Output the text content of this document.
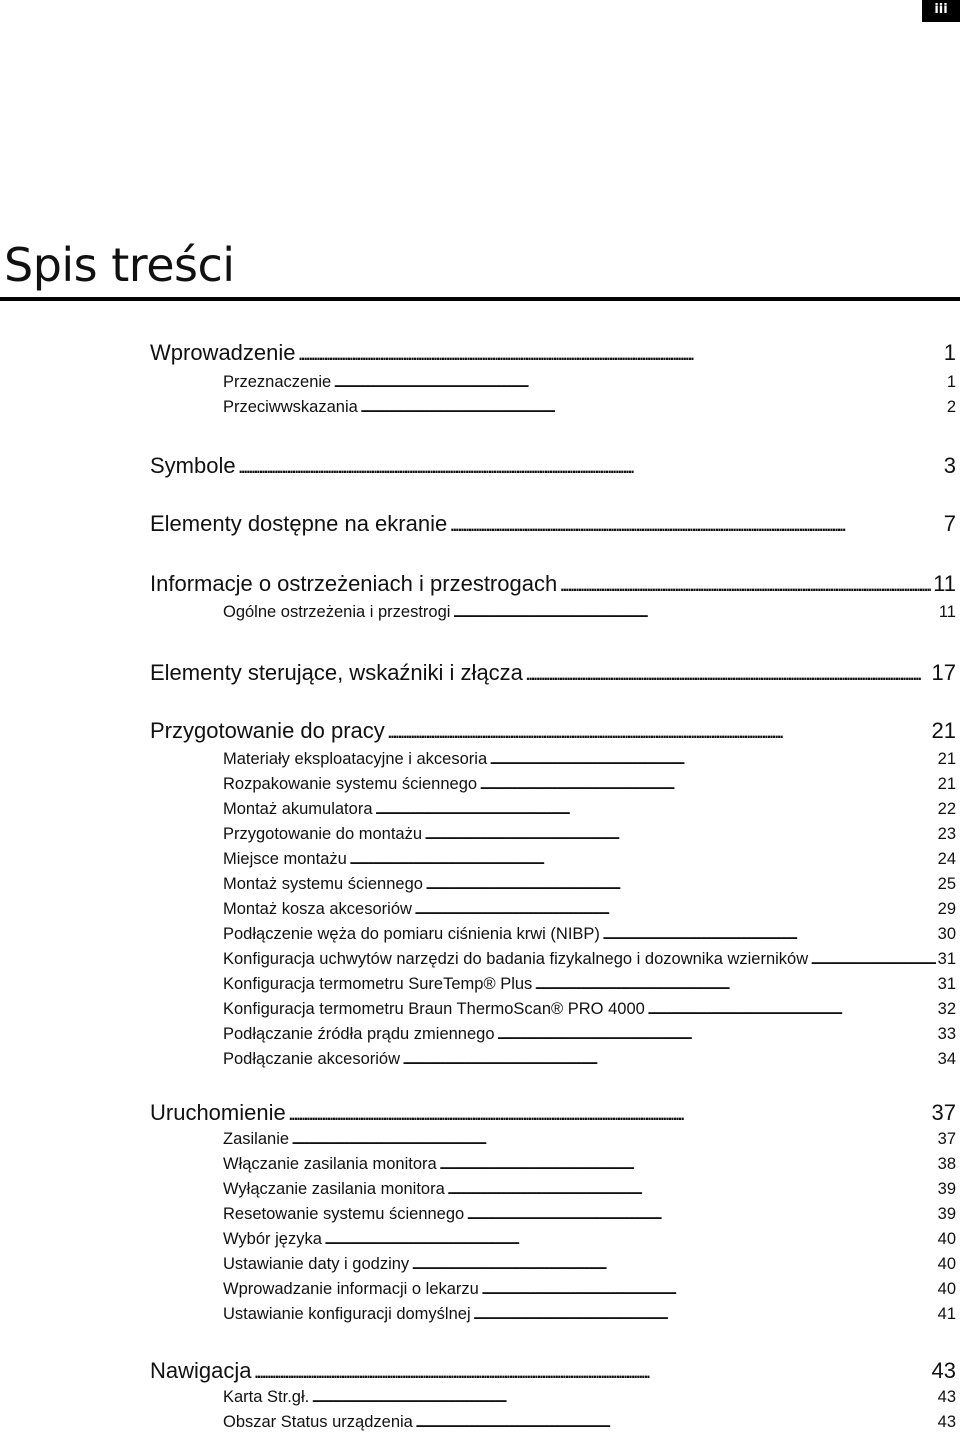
iii
Spis treści
Wprowadzenie . . .	1
Przeznaczenie . . .	1
Przeciwwskazania . . .	2
Symbole . . .	3
Elementy dostępne na ekranie . . .	7
Informacje o ostrzeżeniach i przestrogach . . .	11
Ogólne ostrzeżenia i przestrogi . . .	11
Elementy sterujące, wskaźniki i złącza . . .	17
Przygotowanie do pracy . . .	21
Materiały eksploatacyjne i akcesoria . . .	21
Rozpakowanie systemu ściennego . . .	21
Montaż akumulatora . . .	22
Przygotowanie do montażu . . .	23
Miejsce montażu . . .	24
Montaż systemu ściennego . . .	25
Montaż kosza akcesoriów . . .	29
Podłączenie węża do pomiaru ciśnienia krwi (NIBP) . . .	30
Konfiguracja uchwytów narzędzi do badania fizykalnego i dozownika wzierników . . .	31
Konfiguracja termometru SureTemp® Plus . . .	31
Konfiguracja termometru Braun ThermoScan® PRO 4000 . . .	32
Podłączanie źródła prądu zmiennego . . .	33
Podłączanie akcesoriów . . .	34
Uruchomienie . . .	37
Zasilanie . . .	37
Włączanie zasilania monitora . . .	38
Wyłączanie zasilania monitora . . .	39
Resetowanie systemu ściennego . . .	39
Wybór języka . . .	40
Ustawianie daty i godziny . . .	40
Wprowadzanie informacji o lekarzu . . .	40
Ustawianie konfiguracji domyślnej . . .	41
Nawigacja . . .	43
Karta Str.gł. . . .	43
Obszar Status urządzenia . . .	43
